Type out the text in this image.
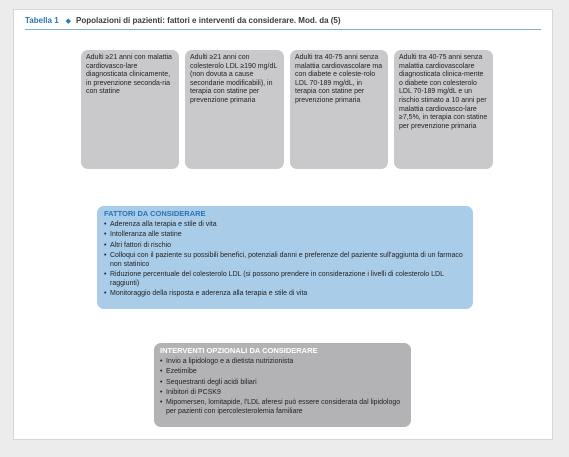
Tabella 1 ◆ Popolazioni di pazienti: fattori e interventi da considerare. Mod. da (5)
Adulti ≥21 anni con malattia cardiovasco-lare diagnosticata clinicamente, in prevenzione seconda-ria con statine
Adulti ≥21 anni con colesterolo LDL ≥190 mg/dL (non dovuta a cause secondarie modificabili), in terapia con statine per prevenzione primaria
Adulti tra 40-75 anni senza malattia cardiovascolare ma con diabete e coleste-rolo LDL 70-189 mg/dL, in terapia con statine per prevenzione primaria
Adulti tra 40-75 anni senza malattia cardiovascolare diagnosticata clinica-mente o diabete con colesterolo LDL 70-189 mg/dL e un rischio stimato a 10 anni per malattia cardiovasco-lare ≥7,5%, in terapia con statine per prevenzione primaria
FATTORI DA CONSIDERARE
• Aderenza alla terapia e stile di vita
• Intolleranza alle statine
• Altri fattori di rischio
• Colloqui con il paziente su possibili benefici, potenziali danni e preferenze del paziente sull'aggiunta di un farmaco non statinico
• Riduzione percentuale del colesterolo LDL (si possono prendere in considerazione i livelli di colesterolo LDL raggiunti)
• Monitoraggio della risposta e aderenza alla terapia e stile di vita
INTERVENTI OPZIONALI DA CONSIDERARE
• Invio a lipidologo e a dietista nutrizionista
• Ezetimibe
• Sequestranti degli acidi biliari
• Inibitori di PCSK9
• Mipomersen, lomitapide, l'LDL aferesi può essere considerata dal lipidologo per pazienti con ipercolesterolemia familiare
